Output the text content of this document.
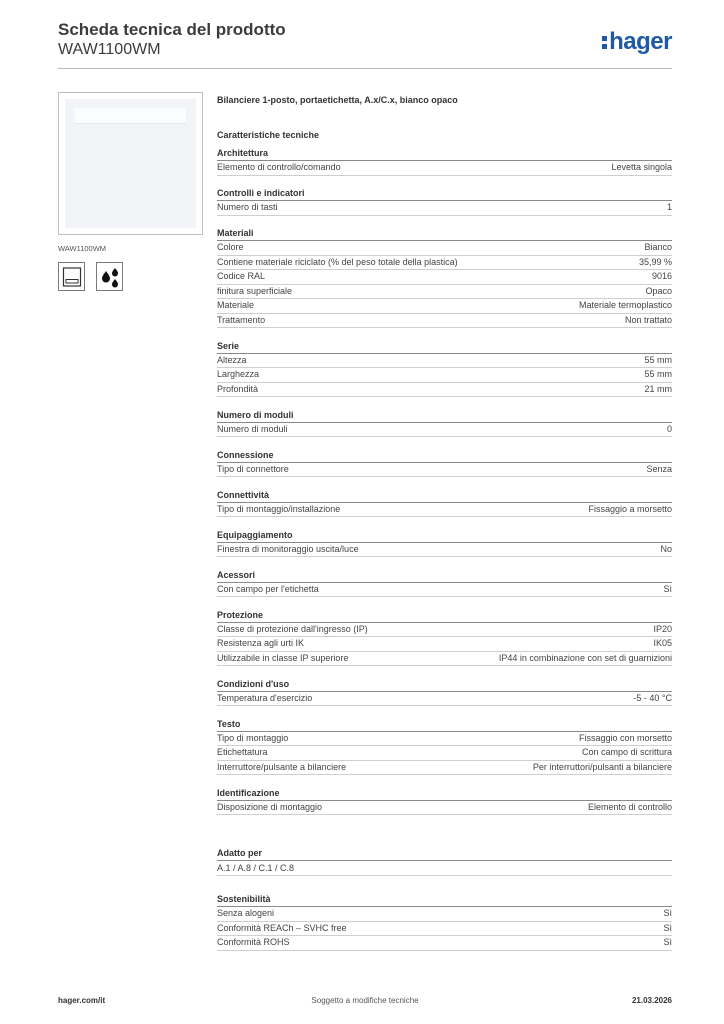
Scheda tecnica del prodotto
WAW1100WM	hager
WAW1100WM
Bilanciere 1-posto, portaetichetta, A.x/C.x, bianco opaco
Caratteristiche tecniche
Architettura
Elemento di controllo/comando	Levetta singola
Controlli e indicatori
Numero di tasti	1
Materiali
Colore	Bianco
Contiene materiale riciclato (% del peso totale della plastica)	35,99 %
Codice RAL	9016
finitura superficiale	Opaco
Materiale	Materiale termoplastico
Trattamento	Non trattato
Serie
Altezza	55 mm
Larghezza	55 mm
Profondità	21 mm
Numero di moduli
Numero di moduli	0
Connessione
Tipo di connettore	Senza
Connettività
Tipo di montaggio/installazione	Fissaggio a morsetto
Equipaggiamento
Finestra di monitoraggio uscita/luce	No
Acessori
Con campo per l'etichetta	Sì
Protezione
Classe di protezione dall'ingresso (IP)	IP20
Resistenza agli urti IK	IK05
Utilizzabile in classe IP superiore	IP44 in combinazione con set di guarnizioni
Condizioni d'uso
Temperatura d'esercizio	-5 - 40 °C
Testo
Tipo di montaggio	Fissaggio con morsetto
Etichettatura	Con campo di scrittura
Interruttore/pulsante a bilanciere	Per interruttori/pulsanti a bilanciere
Identificazione
Disposizione di montaggio	Elemento di controllo
Adatto per
A.1 / A.8 / C.1 / C.8
Sostenibilità
Senza alogeni	Sì
Conformità REACh – SVHC free	Sì
Conformità ROHS	Sì
hager.com/it	Soggetto a modifiche tecniche	21.03.2026
